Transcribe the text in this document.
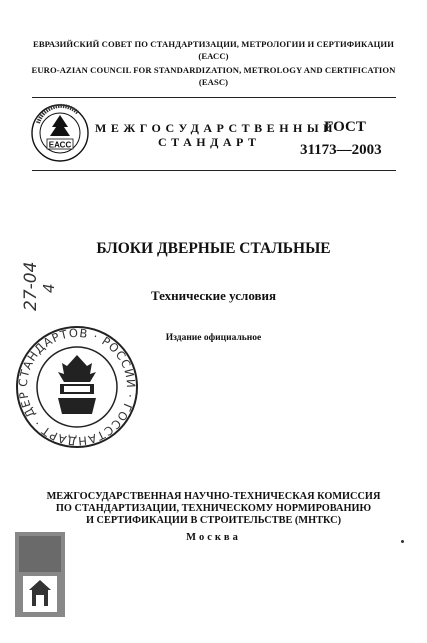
ЕВРАЗИЙСКИЙ СОВЕТ ПО СТАНДАРТИЗАЦИИ, МЕТРОЛОГИИ И СЕРТИФИКАЦИИ
(ЕАСС)
EURO-AZIAN COUNCIL FOR STANDARDIZATION, METROLOGY AND CERTIFICATION
(EASC)
ЕАСС
МЕЖГОСУДАРСТВЕННЫЙ
СТАНДАРТ
ГОСТ
31173—2003
27-04 4
БЛОКИ ДВЕРНЫЕ СТАЛЬНЫЕ
Технические условия
Издание официальное
СТАНДАРТОВ · РОССИИ · ГОССТАНДАРТ · ДЕР
МЕЖГОСУДАРСТВЕННАЯ НАУЧНО-ТЕХНИЧЕСКАЯ КОМИССИЯ
ПО СТАНДАРТИЗАЦИИ, ТЕХНИЧЕСКОМУ НОРМИРОВАНИЮ
И СЕРТИФИКАЦИИ В СТРОИТЕЛЬСТВЕ (МНТКС)
Москва
